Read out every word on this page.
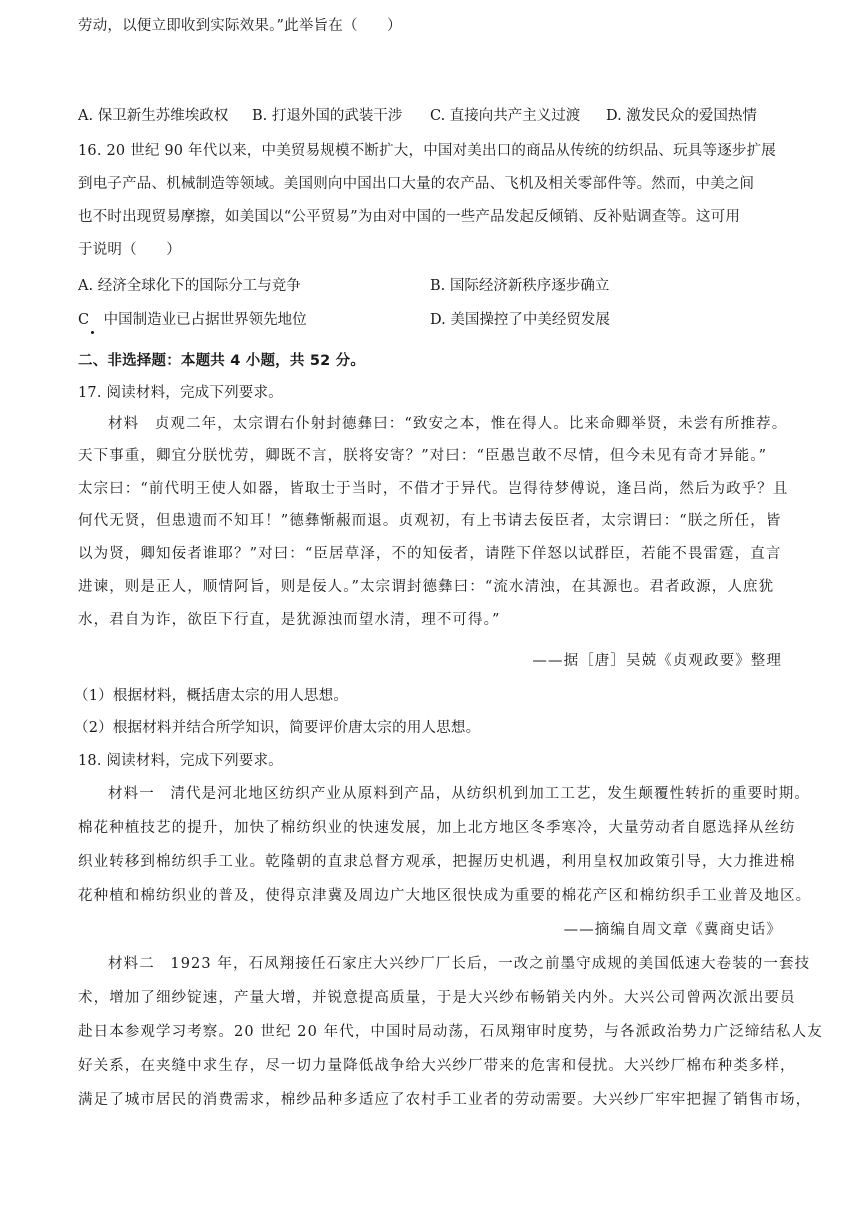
劳动，以便立即收到实际效果。”此举旨在（　　）
A. 保卫新生苏维埃政权 B. 打退外国的武装干涉 C. 直接向共产主义过渡 D. 激发民众的爱国热情
16. 20 世纪 90 年代以来，中美贸易规模不断扩大，中国对美出口的商品从传统的纺织品、玩具等逐步扩展
到电子产品、机械制造等领域。美国则向中国出口大量的农产品、飞机及相关零部件等。然而，中美之间
也不时出现贸易摩擦，如美国以“公平贸易”为由对中国的一些产品发起反倾销、反补贴调查等。这可用
于说明（　　）
A. 经济全球化下的国际分工与竞争	B. 国际经济新秩序逐步确立
C　中国制造业已占据世界领先地位	D. 美国操控了中美经贸发展
二、非选择题：本题共 4 小题，共 52 分。
17. 阅读材料，完成下列要求。
材料　贞观二年，太宗谓右仆射封德彝曰：“致安之本，惟在得人。比来命卿举贤，未尝有所推荐。
天下事重，卿宜分朕忧劳，卿既不言，朕将安寄？”对曰：“臣愚岂敢不尽情，但今未见有奇才异能。”
太宗曰：“前代明王使人如器，皆取士于当时，不借才于异代。岂得待梦傅说，逢吕尚，然后为政乎？且
何代无贤，但患遗而不知耳！”德彝惭赧而退。贞观初，有上书请去佞臣者，太宗谓曰：“朕之所任，皆
以为贤，卿知佞者谁耶？”对曰：“臣居草泽，不的知佞者，请陛下佯怒以试群臣，若能不畏雷霆，直言
进谏，则是正人，顺情阿旨，则是佞人。”太宗谓封德彝曰：“流水清浊，在其源也。君者政源，人庶犹
水，君自为诈，欲臣下行直，是犹源浊而望水清，理不可得。”
——据［唐］吴兢《贞观政要》整理
（1）根据材料，概括唐太宗的用人思想。
（2）根据材料并结合所学知识，简要评价唐太宗的用人思想。
18. 阅读材料，完成下列要求。
材料一　清代是河北地区纺织产业从原料到产品，从纺织机到加工工艺，发生颠覆性转折的重要时期。
棉花种植技艺的提升，加快了棉纺织业的快速发展，加上北方地区冬季寒冷，大量劳动者自愿选择从丝纺
织业转移到棉纺织手工业。乾隆朝的直隶总督方观承，把握历史机遇，利用皇权加政策引导，大力推进棉
花种植和棉纺织业的普及，使得京津冀及周边广大地区很快成为重要的棉花产区和棉纺织手工业普及地区。
——摘编自周文章《冀商史话》
材料二　1923 年，石凤翔接任石家庄大兴纱厂厂长后，一改之前墨守成规的美国低速大卷装的一套技
术，增加了细纱锭速，产量大增，并锐意提高质量，于是大兴纱布畅销关内外。大兴公司曾两次派出要员
赴日本参观学习考察。20 世纪 20 年代，中国时局动荡，石凤翔审时度势，与各派政治势力广泛缔结私人友
好关系，在夹缝中求生存，尽一切力量降低战争给大兴纱厂带来的危害和侵扰。大兴纱厂棉布种类多样，
满足了城市居民的消费需求，棉纱品种多适应了农村手工业者的劳动需要。大兴纱厂牢牢把握了销售市场，
